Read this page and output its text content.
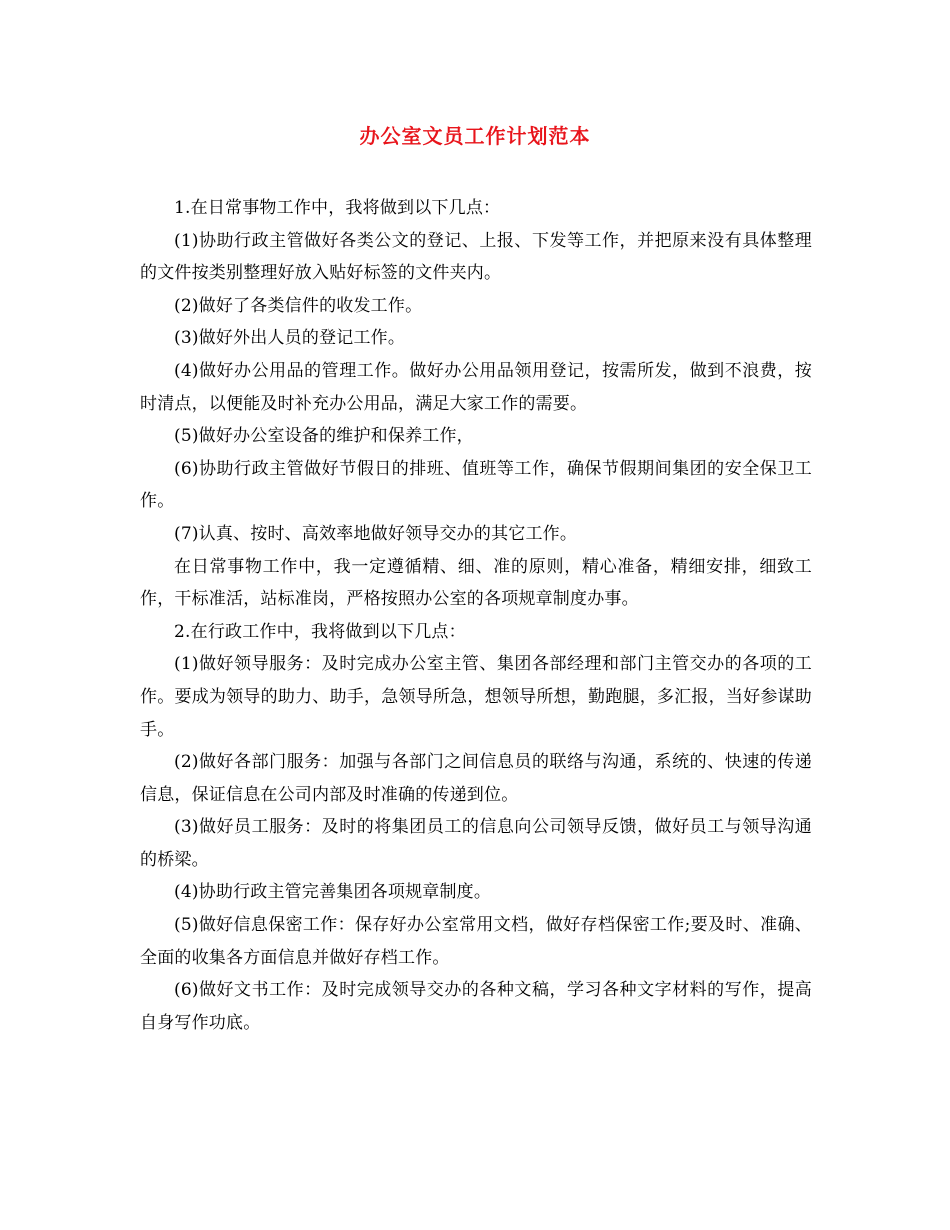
办公室文员工作计划范本

1.在日常事物工作中，我将做到以下几点：

(1)协助行政主管做好各类公文的登记、上报、下发等工作，并把原来没有具体整理的文件按类别整理好放入贴好标签的文件夹内。

(2)做好了各类信件的收发工作。

(3)做好外出人员的登记工作。

(4)做好办公用品的管理工作。做好办公用品领用登记，按需所发，做到不浪费，按时清点，以便能及时补充办公用品，满足大家工作的需要。

(5)做好办公室设备的维护和保养工作，

(6)协助行政主管做好节假日的排班、值班等工作，确保节假期间集团的安全保卫工作。

(7)认真、按时、高效率地做好领导交办的其它工作。

在日常事物工作中，我一定遵循精、细、准的原则，精心准备，精细安排，细致工作，干标准活，站标准岗，严格按照办公室的各项规章制度办事。

2.在行政工作中，我将做到以下几点：

(1)做好领导服务：及时完成办公室主管、集团各部经理和部门主管交办的各项的工作。要成为领导的助力、助手，急领导所急，想领导所想，勤跑腿，多汇报，当好参谋助手。

(2)做好各部门服务：加强与各部门之间信息员的联络与沟通，系统的、快速的传递信息，保证信息在公司内部及时准确的传递到位。

(3)做好员工服务：及时的将集团员工的信息向公司领导反馈，做好员工与领导沟通的桥梁。

(4)协助行政主管完善集团各项规章制度。

(5)做好信息保密工作：保存好办公室常用文档，做好存档保密工作;要及时、准确、全面的收集各方面信息并做好存档工作。

(6)做好文书工作：及时完成领导交办的各种文稿，学习各种文字材料的写作，提高自身写作功底。
